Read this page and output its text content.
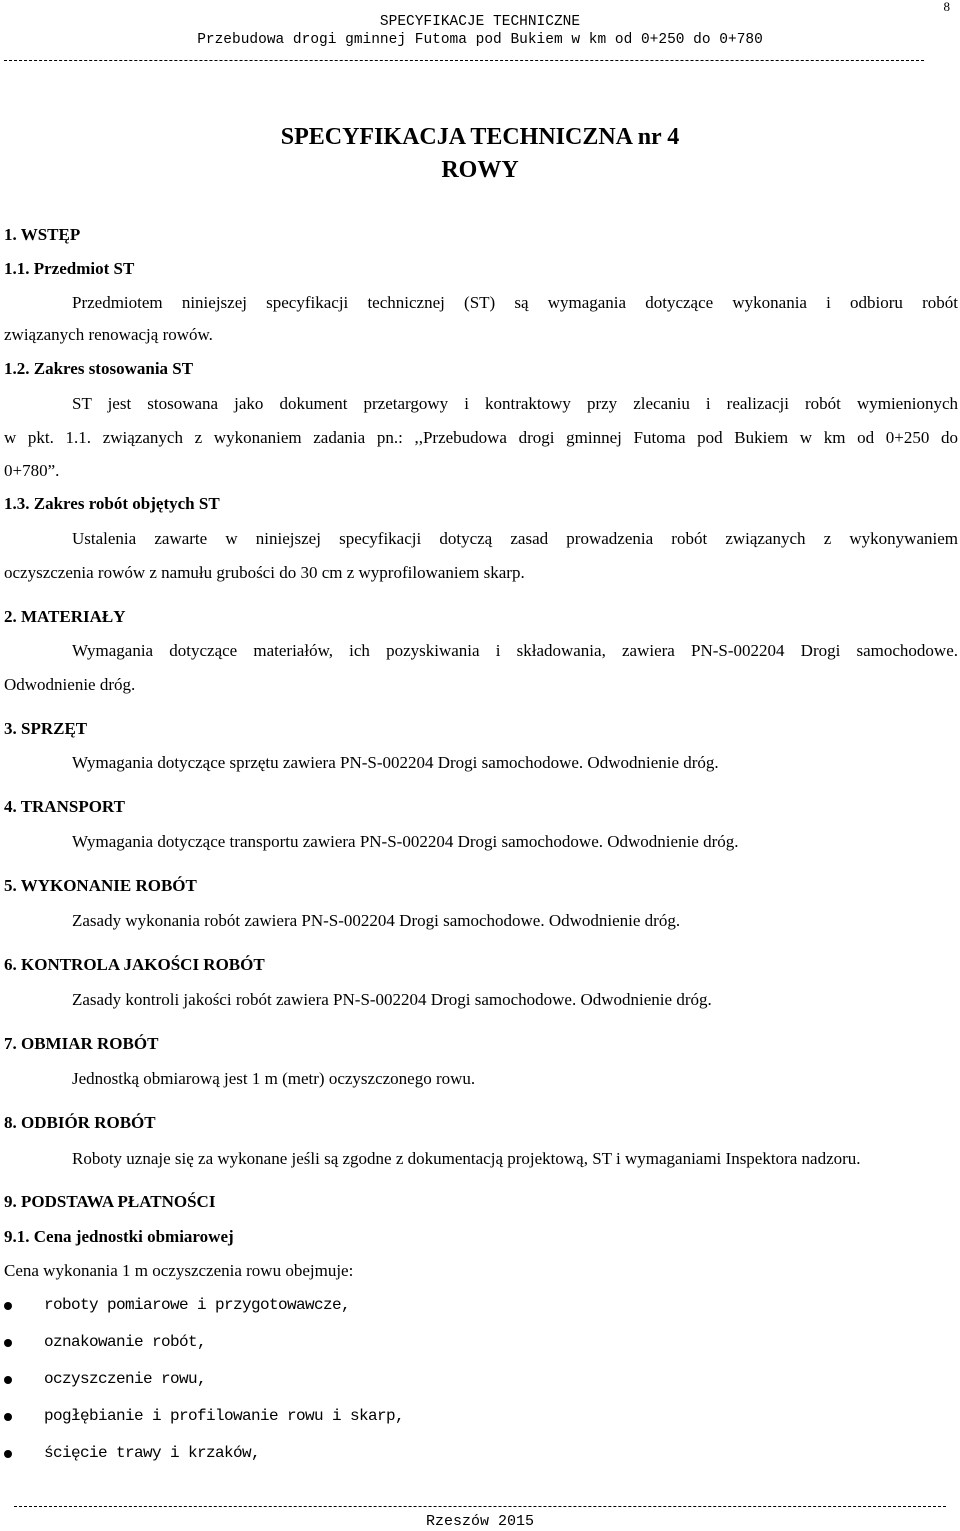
8
SPECYFIKACJE TECHNICZNE
Przebudowa drogi gminnej Futoma pod Bukiem w km od 0+250 do 0+780
SPECYFIKACJA TECHNICZNA nr 4
ROWY
1. WSTĘP
1.1. Przedmiot ST
Przedmiotem niniejszej specyfikacji technicznej (ST) są wymagania dotyczące wykonania i odbioru robót
związanych renowacją rowów.
1.2. Zakres stosowania ST
ST jest stosowana jako dokument przetargowy i kontraktowy przy zlecaniu i realizacji robót wymienionych
w pkt. 1.1. związanych z wykonaniem zadania pn.: ,,Przebudowa drogi gminnej Futoma pod Bukiem w km od 0+250 do
0+780”.
1.3. Zakres robót objętych ST
Ustalenia zawarte w niniejszej specyfikacji dotyczą zasad prowadzenia robót związanych z wykonywaniem
oczyszczenia rowów z namułu grubości do 30 cm z wyprofilowaniem skarp.
2. MATERIAŁY
Wymagania dotyczące materiałów, ich pozyskiwania i składowania, zawiera PN-S-002204 Drogi samochodowe.
Odwodnienie dróg.
3. SPRZĘT
Wymagania dotyczące sprzętu zawiera PN-S-002204 Drogi samochodowe. Odwodnienie dróg.
4. TRANSPORT
Wymagania dotyczące transportu zawiera PN-S-002204 Drogi samochodowe. Odwodnienie dróg.
5. WYKONANIE ROBÓT
Zasady wykonania robót zawiera PN-S-002204 Drogi samochodowe. Odwodnienie dróg.
6. KONTROLA JAKOŚCI ROBÓT
Zasady kontroli jakości robót zawiera PN-S-002204 Drogi samochodowe. Odwodnienie dróg.
7. OBMIAR ROBÓT
Jednostką obmiarową jest 1 m (metr) oczyszczonego rowu.
8. ODBIÓR ROBÓT
Roboty uznaje się za wykonane jeśli są zgodne z dokumentacją projektową, ST i wymaganiami Inspektora nadzoru.
9. PODSTAWA PŁATNOŚCI
9.1. Cena jednostki obmiarowej
Cena wykonania 1 m oczyszczenia rowu obejmuje:
roboty pomiarowe i przygotowawcze,
oznakowanie robót,
oczyszczenie rowu,
pogłębianie i profilowanie rowu i skarp,
ścięcie trawy i krzaków,
Rzeszów 2015
